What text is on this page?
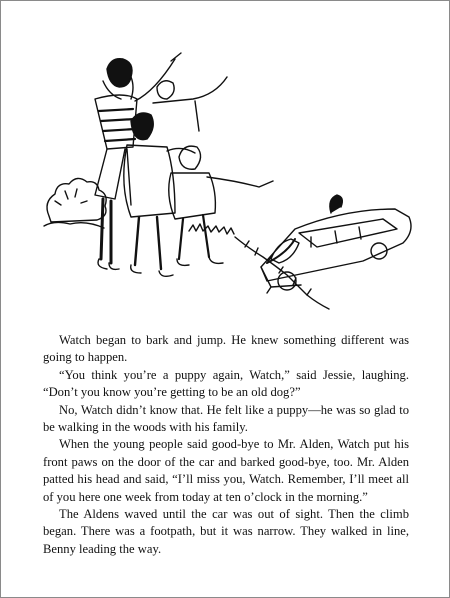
Watch began to bark and jump. He knew something different was going to happen.

“You think you’re a puppy again, Watch,” said Jessie, laughing. “Don’t you know you’re getting to be an old dog?”

No, Watch didn’t know that. He felt like a puppy—he was so glad to be walking in the woods with his family.

When the young people said good-bye to Mr. Alden, Watch put his front paws on the door of the car and barked good-bye, too. Mr. Alden patted his head and said, “I’ll miss you, Watch. Remember, I’ll meet all of you here one week from today at ten o’clock in the morning.”

The Aldens waved until the car was out of sight. Then the climb began. There was a footpath, but it was narrow. They walked in line, Benny leading the way.
